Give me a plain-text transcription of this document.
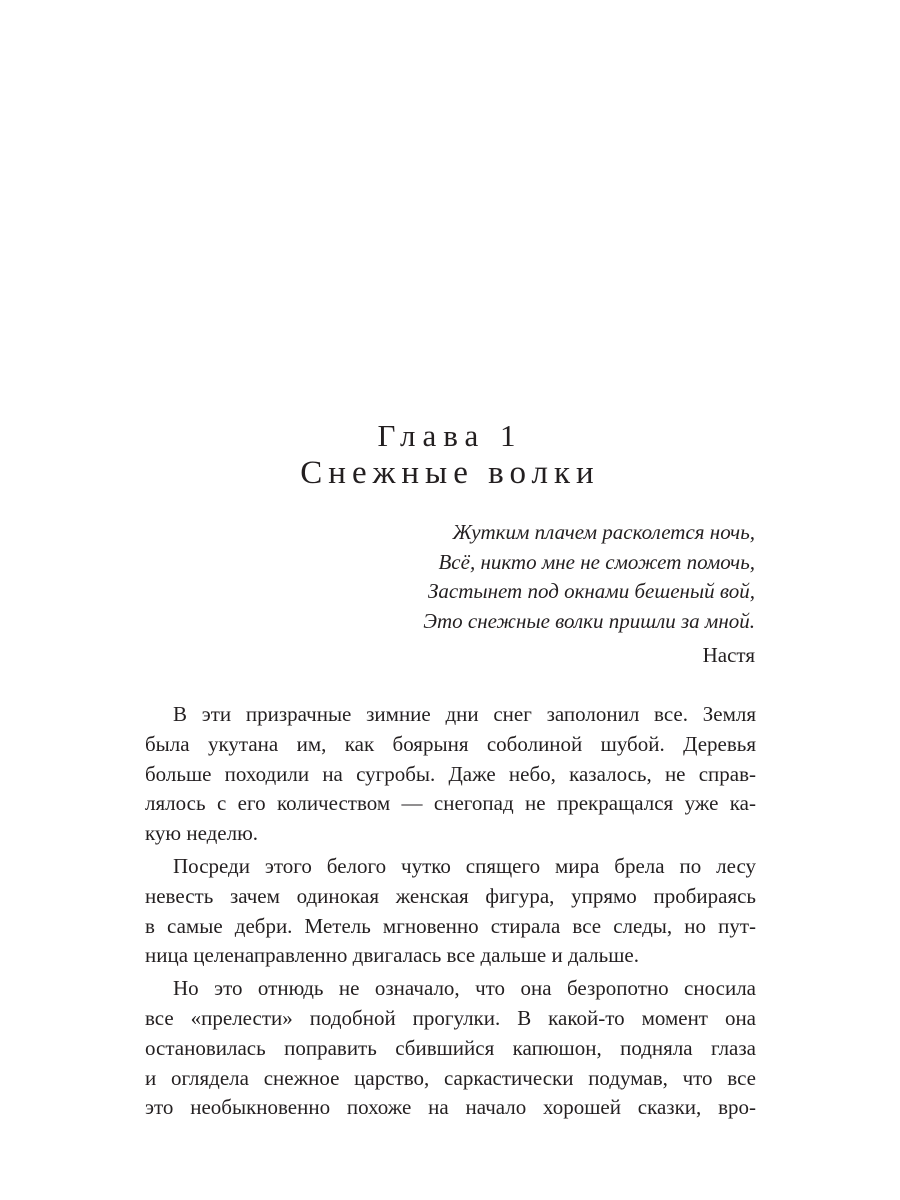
Глава 1
Снежные волки
Жутким плачем расколется ночь,
Всё, никто мне не сможет помочь,
Застынет под окнами бешеный вой,
Это снежные волки пришли за мной.
Настя
В эти призрачные зимние дни снег заполонил все. Земля
была укутана им, как боярыня соболиной шубой. Деревья
больше походили на сугробы. Даже небо, казалось, не справ-
лялось с его количеством — снегопад не прекращался уже ка-
кую неделю.
Посреди этого белого чутко спящего мира брела по лесу
невесть зачем одинокая женская фигура, упрямо пробираясь
в самые дебри. Метель мгновенно стирала все следы, но пут-
ница целенаправленно двигалась все дальше и дальше.
Но это отнюдь не означало, что она безропотно сносила
все «прелести» подобной прогулки. В какой-то момент она
остановилась поправить сбившийся капюшон, подняла глаза
и оглядела снежное царство, саркастически подумав, что все
это необыкновенно похоже на начало хорошей сказки, вро-
